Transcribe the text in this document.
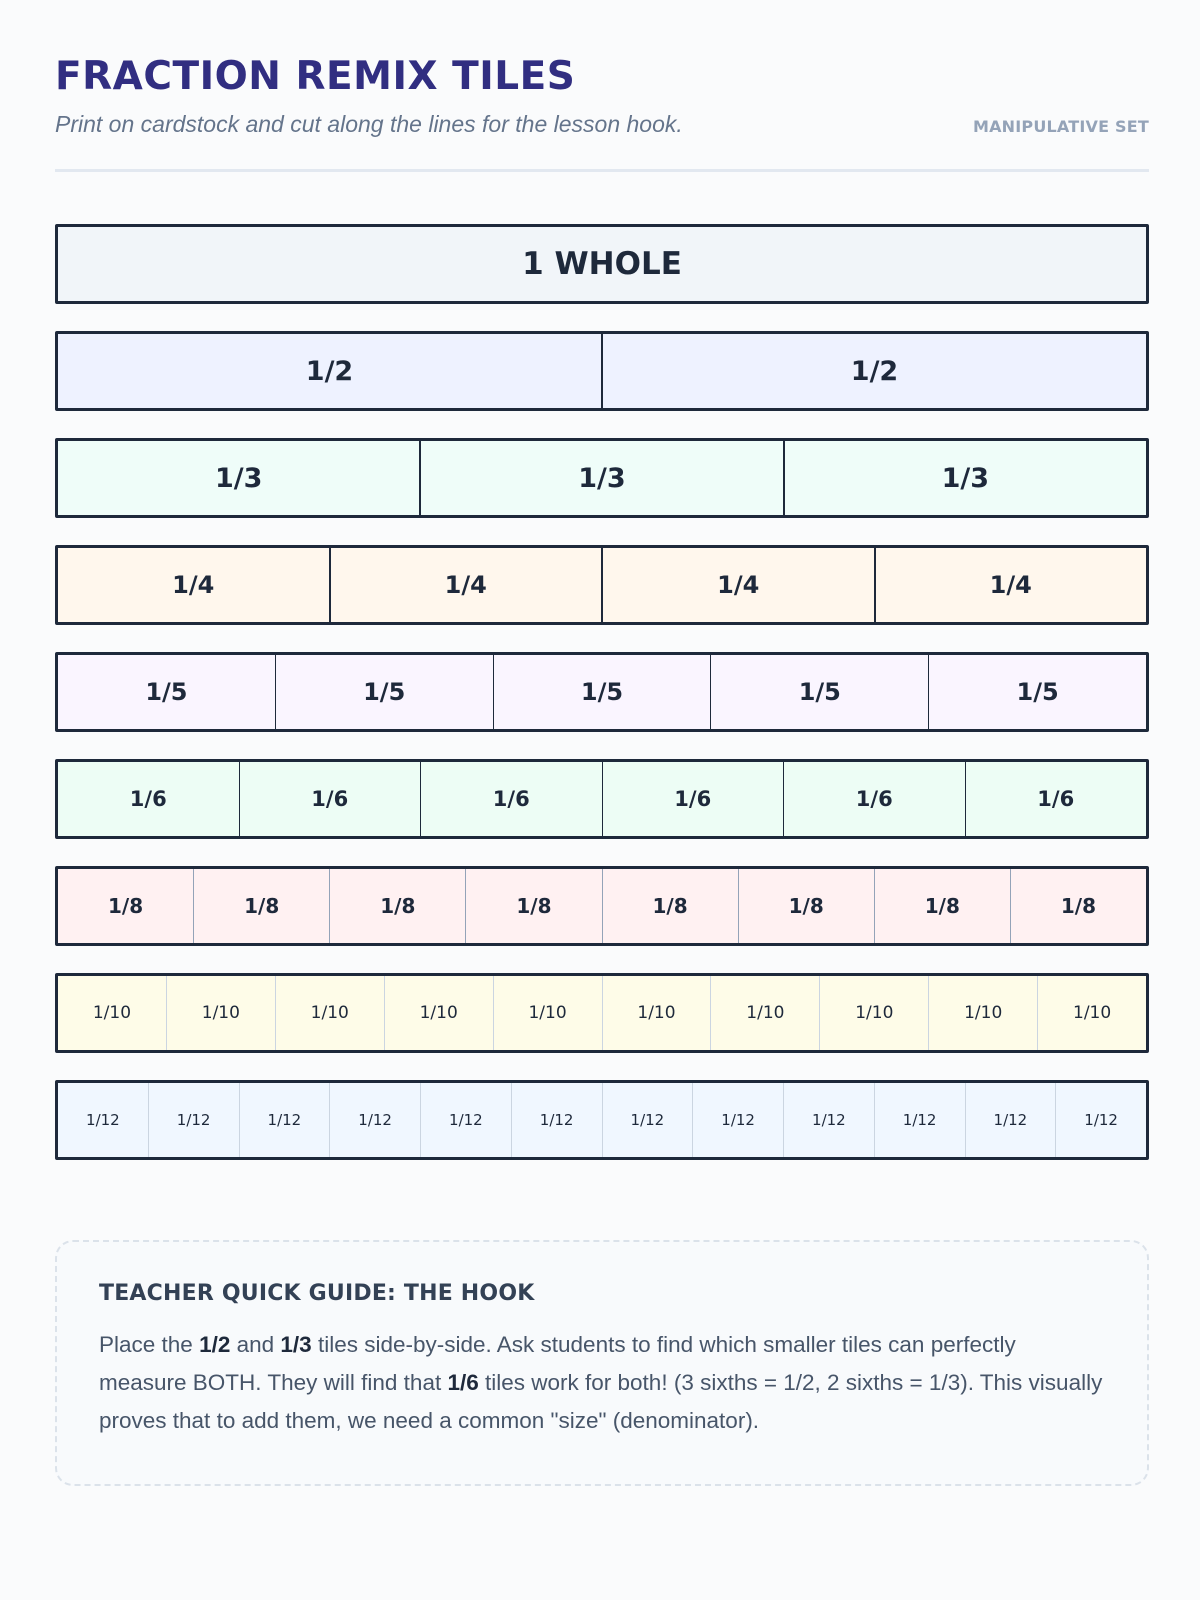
FRACTION REMIX TILES

Print on cardstock and cut along the lines for the lesson hook.	MANIPULATIVE SET
1 WHOLE
1/2	1/2
1/3	1/3	1/3
1/4	1/4	1/4	1/4
1/5	1/5	1/5	1/5	1/5
1/6	1/6	1/6	1/6	1/6	1/6
1/8	1/8	1/8	1/8	1/8	1/8	1/8	1/8
1/10	1/10	1/10	1/10	1/10	1/10	1/10	1/10	1/10	1/10
1/12	1/12	1/12	1/12	1/12	1/12	1/12	1/12	1/12	1/12	1/12	1/12
TEACHER QUICK GUIDE: THE HOOK

Place the 1/2 and 1/3 tiles side-by-side. Ask students to find which smaller tiles can perfectly measure BOTH. They will find that 1/6 tiles work for both! (3 sixths = 1/2, 2 sixths = 1/3). This visually proves that to add them, we need a common "size" (denominator).
